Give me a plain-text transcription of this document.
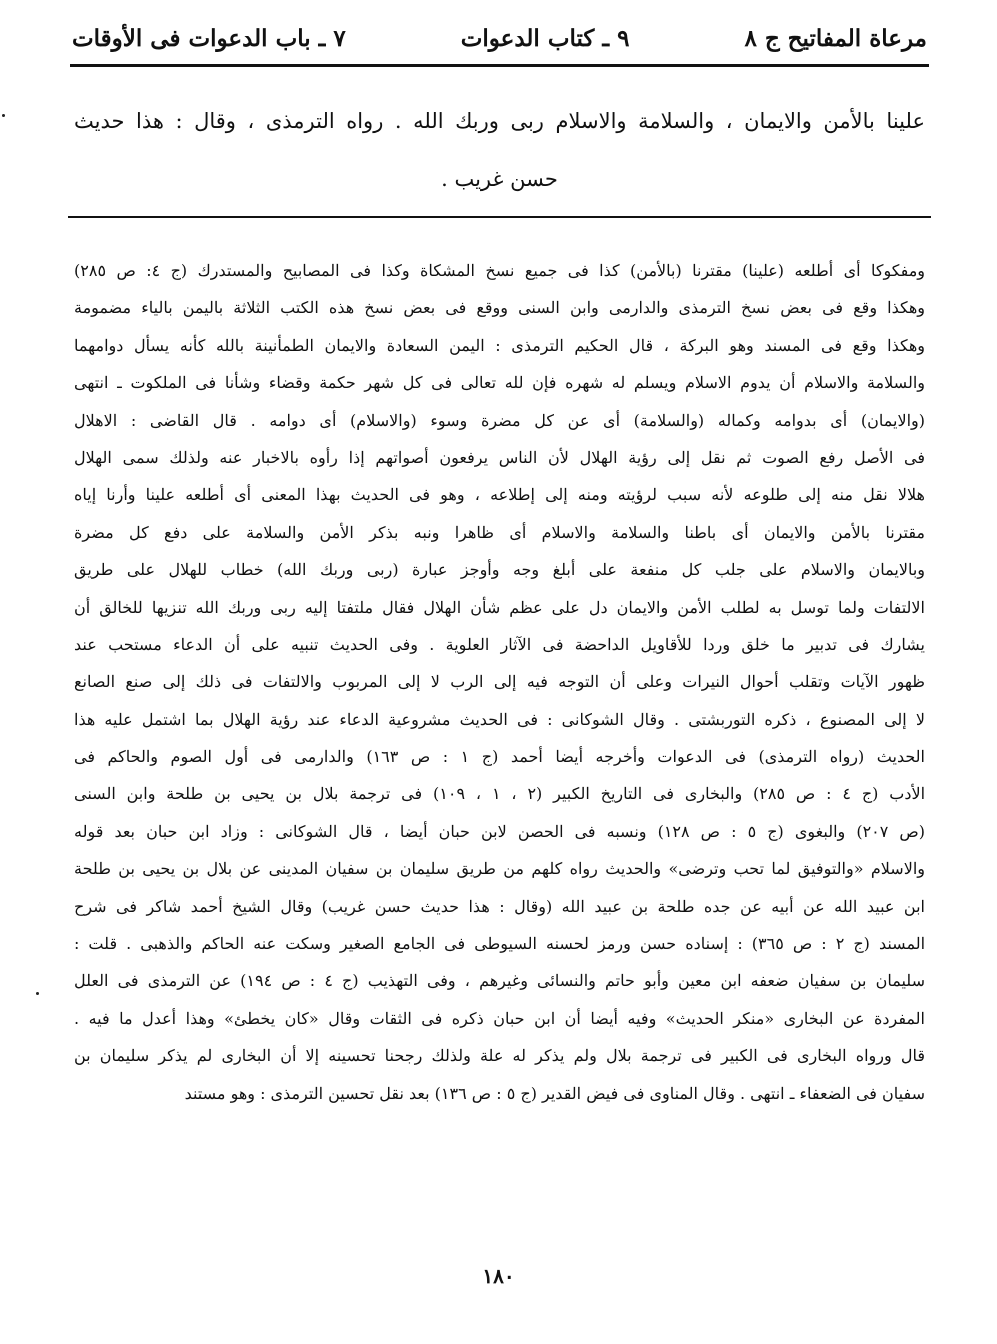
مرعاة المفاتيح ج ٨
٩ ـ كتاب الدعوات
٧ ـ باب الدعوات فى الأوقات

علينا بالأمن والايمان ، والسلامة والاسلام ربى وربك الله . رواه الترمذى ، وقال : هذا حديث

حسن غريب .

ومفكوكا أى أطلعه (علينا) مقترنا (بالأمن) كذا فى جميع نسخ المشكاة وكذا فى المصابيح والمستدرك (ج ٤: ص ٢٨٥)

وهكذا وقع فى بعض نسخ الترمذى والدارمى وابن السنى ووقع فى بعض نسخ هذه الكتب الثلاثة باليمن بالياء مضمومة

وهكذا وقع فى المسند وهو البركة ، قال الحكيم الترمذى : اليمن السعادة والايمان الطمأنينة بالله كأنه يسأل دوامهما

والسلامة والاسلام أن يدوم الاسلام ويسلم له شهره فإن لله تعالى فى كل شهر حكمة وقضاء وشأنا فى الملكوت ـ انتهى

(والايمان) أى بدوامه وكماله (والسلامة) أى عن كل مضرة وسوء (والاسلام) أى دوامه . قال القاضى : الاهلال

فى الأصل رفع الصوت ثم نقل إلى رؤية الهلال لأن الناس يرفعون أصواتهم إذا رأوه بالاخبار عنه ولذلك سمى الهلال

هلالا نقل منه إلى طلوعه لأنه سبب لرؤيته ومنه إلى إطلاعه ، وهو فى الحديث بهذا المعنى أى أطلعه علينا وأرنا إياه

مقترنا بالأمن والايمان أى باطنا والسلامة والاسلام أى ظاهرا ونبه بذكر الأمن والسلامة على دفع كل مضرة

وبالايمان والاسلام على جلب كل منفعة على أبلغ وجه وأوجز عبارة (ربى وربك الله) خطاب للهلال على طريق

الالتفات ولما توسل به لطلب الأمن والايمان دل على عظم شأن الهلال فقال ملتفتا إليه ربى وربك الله تنزيها للخالق أن

يشارك فى تدبير ما خلق وردا للأقاويل الداحضة فى الآثار العلوية . وفى الحديث تنبيه على أن الدعاء مستحب عند

ظهور الآيات وتقلب أحوال النيرات وعلى أن التوجه فيه إلى الرب لا إلى المربوب والالتفات فى ذلك إلى صنع الصانع

لا إلى المصنوع ، ذكره التوربشتى . وقال الشوكانى : فى الحديث مشروعية الدعاء عند رؤية الهلال بما اشتمل عليه هذا

الحديث (رواه الترمذى) فى الدعوات وأخرجه أيضا أحمد (ج ١ : ص ١٦٣) والدارمى فى أول الصوم والحاكم فى

الأدب (ج ٤ : ص ٢٨٥) والبخارى فى التاريخ الكبير (٢ ، ١ ، ١٠٩) فى ترجمة بلال بن يحيى بن طلحة وابن السنى

(ص ٢٠٧) والبغوى (ج ٥ : ص ١٢٨) ونسبه فى الحصن لابن حبان أيضا ، قال الشوكانى : وزاد ابن حبان بعد قوله

والاسلام «والتوفيق لما تحب وترضى» والحديث رواه كلهم من طريق سليمان بن سفيان المدينى عن بلال بن يحيى بن طلحة

ابن عبيد الله عن أبيه عن جده طلحة بن عبيد الله (وقال : هذا حديث حسن غريب) وقال الشيخ أحمد شاكر فى شرح

المسند (ج ٢ : ص ٣٦٥) : إسناده حسن ورمز لحسنه السيوطى فى الجامع الصغير وسكت عنه الحاكم والذهبى . قلت :

سليمان بن سفيان ضعفه ابن معين وأبو حاتم والنسائى وغيرهم ، وفى التهذيب (ج ٤ : ص ١٩٤) عن الترمذى فى العلل

المفردة عن البخارى «منكر الحديث» وفيه أيضا أن ابن حبان ذكره فى الثقات وقال «كان يخطئ» وهذا أعدل ما فيه .

قال ورواه البخارى فى الكبير فى ترجمة بلال ولم يذكر له علة ولذلك رجحنا تحسينه إلا أن البخارى لم يذكر سليمان بن

سفيان فى الضعفاء ـ انتهى . وقال المناوى فى فيض القدير (ج ٥ : ص ١٣٦) بعد نقل تحسين الترمذى : وهو مستند

١٨٠
